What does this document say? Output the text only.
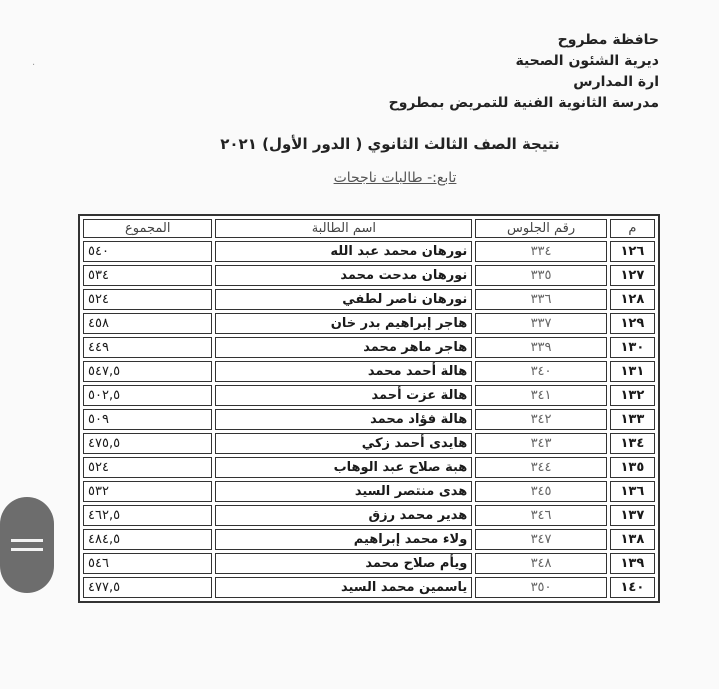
·
حافظة مطروح
ديرية الشئون الصحية
ارة المدارس
مدرسة الثانوية الفنية للتمريض بمطروح
نتيجة الصف الثالث الثانوي ( الدور الأول) ٢٠٢١
تابع:- طالبات ناجحات
م	رقم الجلوس	اسم الطالبة	المجموع
١٢٦	٣٣٤	نورهان محمد عبد الله	٥٤٠
١٢٧	٣٣٥	نورهان مدحت محمد	٥٣٤
١٢٨	٣٣٦	نورهان ناصر لطفي	٥٢٤
١٢٩	٣٣٧	هاجر إبراهيم بدر خان	٤٥٨
١٣٠	٣٣٩	هاجر ماهر محمد	٤٤٩
١٣١	٣٤٠	هالة أحمد محمد	٥٤٧,٥
١٣٢	٣٤١	هالة عزت أحمد	٥٠٢,٥
١٣٣	٣٤٢	هالة فؤاد محمد	٥٠٩
١٣٤	٣٤٣	هايدى أحمد زكي	٤٧٥,٥
١٣٥	٣٤٤	هبة صلاح عبد الوهاب	٥٢٤
١٣٦	٣٤٥	هدى منتصر السيد	٥٣٢
١٣٧	٣٤٦	هدير محمد رزق	٤٦٢,٥
١٣٨	٣٤٧	ولاء محمد إبراهيم	٤٨٤,٥
١٣٩	٣٤٨	ويأم صلاح محمد	٥٤٦
١٤٠	٣٥٠	ياسمين محمد السيد	٤٧٧,٥
